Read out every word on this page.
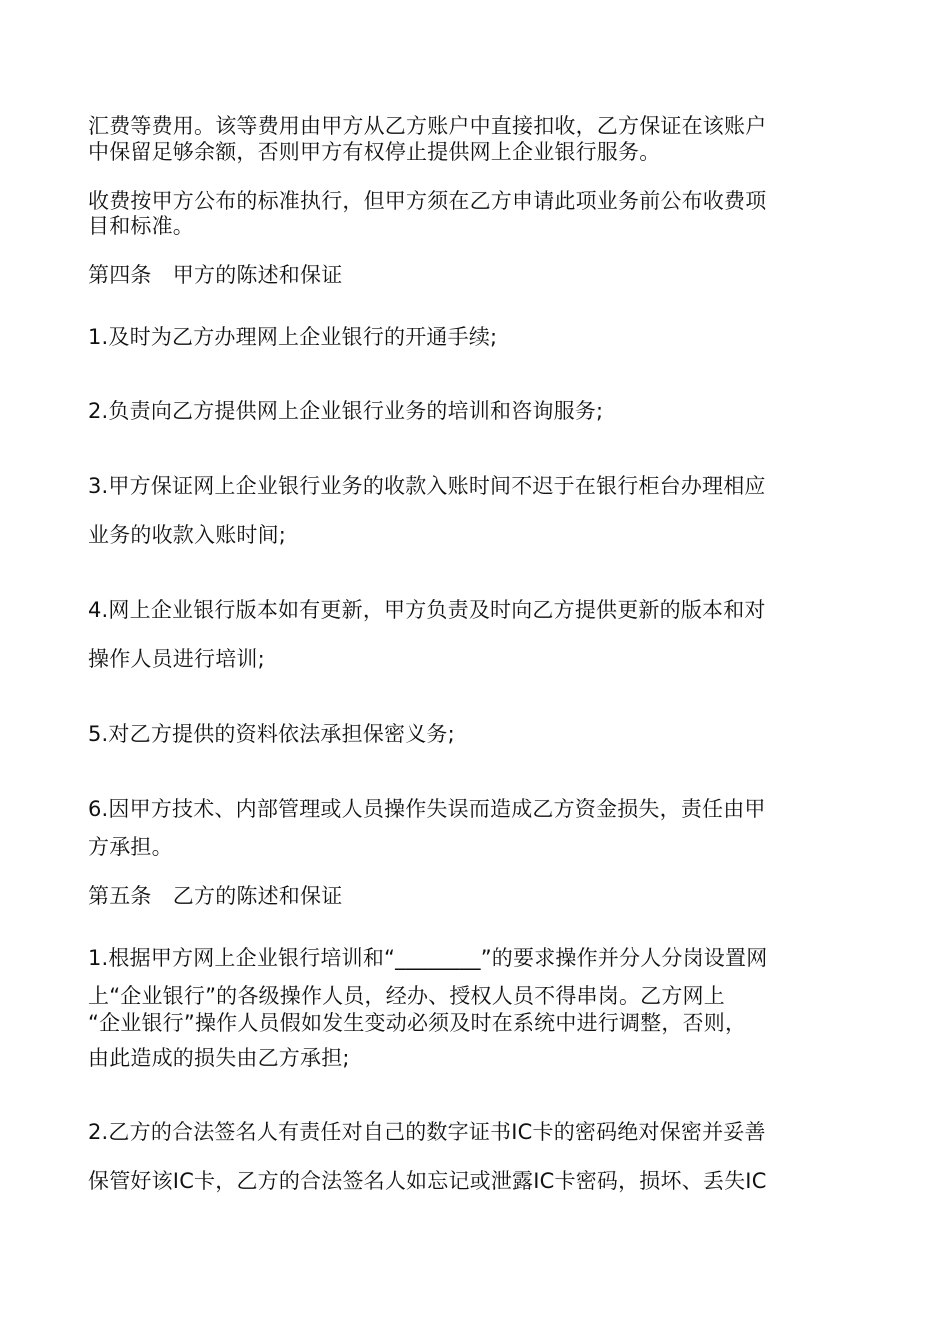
汇费等费用。该等费用由甲方从乙方账户中直接扣收，乙方保证在该账户
中保留足够余额，否则甲方有权停止提供网上企业银行服务。
收费按甲方公布的标准执行，但甲方须在乙方申请此项业务前公布收费项
目和标准。
第四条　甲方的陈述和保证
1.及时为乙方办理网上企业银行的开通手续;
2.负责向乙方提供网上企业银行业务的培训和咨询服务;
3.甲方保证网上企业银行业务的收款入账时间不迟于在银行柜台办理相应
业务的收款入账时间;
4.网上企业银行版本如有更新，甲方负责及时向乙方提供更新的版本和对
操作人员进行培训;
5.对乙方提供的资料依法承担保密义务;
6.因甲方技术、内部管理或人员操作失误而造成乙方资金损失，责任由甲
方承担。
第五条　乙方的陈述和保证
1.根据甲方网上企业银行培训和“________”的要求操作并分人分岗设置网
上“企业银行”的各级操作人员，经办、授权人员不得串岗。乙方网上
“企业银行”操作人员假如发生变动必须及时在系统中进行调整，否则，
由此造成的损失由乙方承担;
2.乙方的合法签名人有责任对自己的数字证书IC卡的密码绝对保密并妥善
保管好该IC卡，乙方的合法签名人如忘记或泄露IC卡密码，损坏、丢失IC
